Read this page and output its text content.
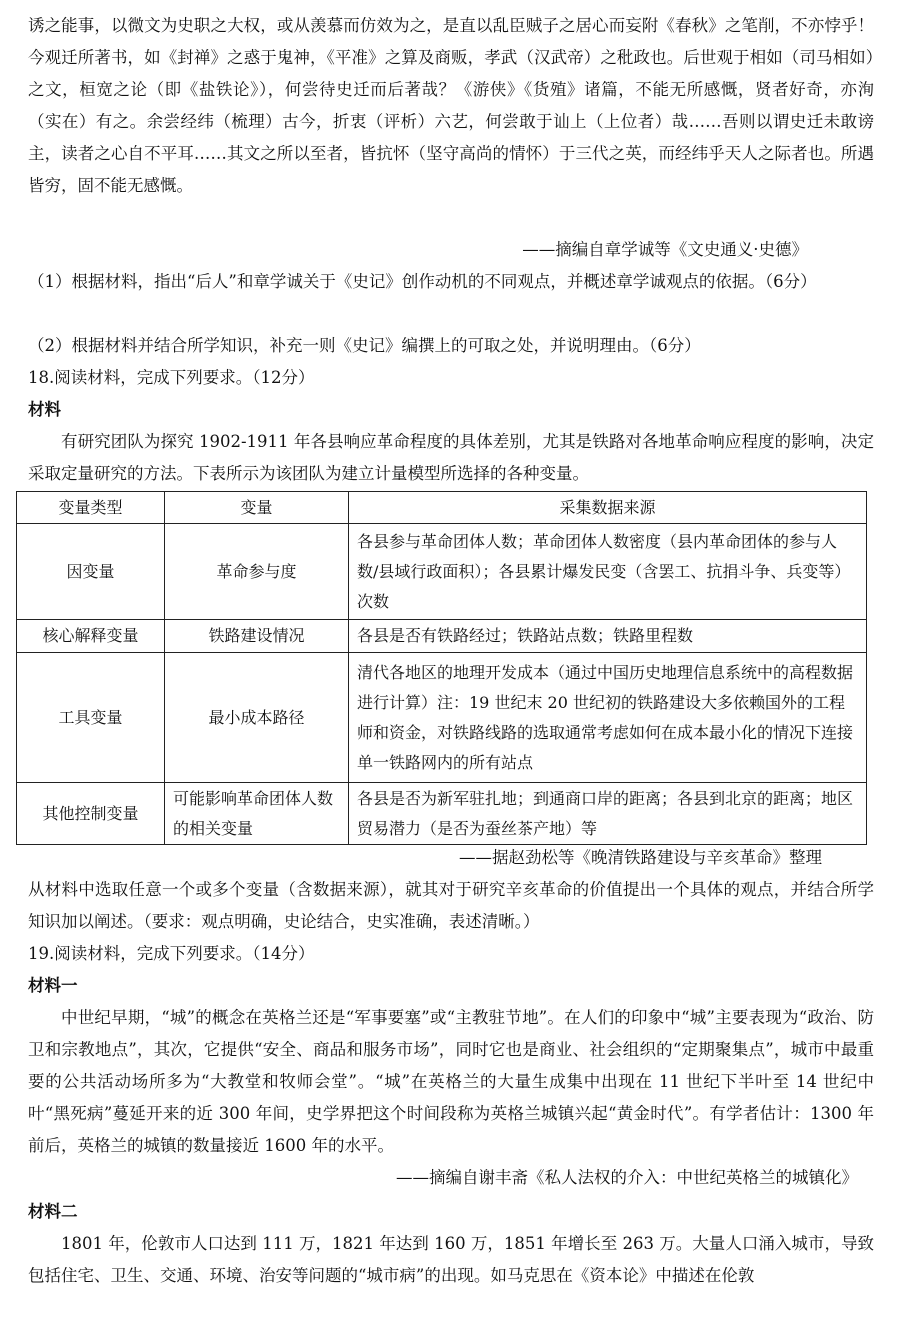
诱之能事，以微文为史职之大权，或从羡慕而仿效为之，是直以乱臣贼子之居心而妄附《春秋》之笔削，不亦悖乎！今观迁所著书，如《封禅》之惑于鬼神，《平准》之算及商贩，孝武（汉武帝）之秕政也。后世观于相如（司马相如）之文，桓宽之论（即《盐铁论》），何尝待史迁而后著哉？《游侠》《货殖》诸篇，不能无所感慨，贤者好奇，亦洵（实在）有之。余尝经纬（梳理）古今，折衷（评析）六艺，何尝敢于讪上（上位者）哉……吾则以谓史迁未敢谤主，读者之心自不平耳……其文之所以至者，皆抗怀（坚守高尚的情怀）于三代之英，而经纬乎天人之际者也。所遇皆穷，固不能无感慨。

——摘编自章学诚等《文史通义·史德》

（1）根据材料，指出“后人”和章学诚关于《史记》创作动机的不同观点，并概述章学诚观点的依据。（6分）

（2）根据材料并结合所学知识，补充一则《史记》编撰上的可取之处，并说明理由。（6分）

18.阅读材料，完成下列要求。（12分）

材料

有研究团队为探究 1902-1911 年各县响应革命程度的具体差别，尤其是铁路对各地革命响应程度的影响，决定采取定量研究的方法。下表所示为该团队为建立计量模型所选择的各种变量。

变量类型	变量	采集数据来源
因变量	革命参与度	各县参与革命团体人数；革命团体人数密度（县内革命团体的参与人数/县域行政面积）；各县累计爆发民变（含罢工、抗捐斗争、兵变等）次数
核心解释变量	铁路建设情况	各县是否有铁路经过；铁路站点数；铁路里程数
工具变量	最小成本路径	清代各地区的地理开发成本（通过中国历史地理信息系统中的高程数据进行计算）注：19 世纪末 20 世纪初的铁路建设大多依赖国外的工程师和资金，对铁路线路的选取通常考虑如何在成本最小化的情况下连接单一铁路网内的所有站点
其他控制变量	可能影响革命团体人数的相关变量	各县是否为新军驻扎地；到通商口岸的距离；各县到北京的距离；地区贸易潜力（是否为蚕丝茶产地）等
——据赵劲松等《晚清铁路建设与辛亥革命》整理

从材料中选取任意一个或多个变量（含数据来源），就其对于研究辛亥革命的价值提出一个具体的观点，并结合所学知识加以阐述。（要求：观点明确，史论结合，史实准确，表述清晰。）

19.阅读材料，完成下列要求。（14分）

材料一

中世纪早期，“城”的概念在英格兰还是“军事要塞”或“主教驻节地”。在人们的印象中“城”主要表现为“政治、防卫和宗教地点”，其次，它提供“安全、商品和服务市场”，同时它也是商业、社会组织的“定期聚集点”，城市中最重要的公共活动场所多为“大教堂和牧师会堂”。“城”在英格兰的大量生成集中出现在 11 世纪下半叶至 14 世纪中叶“黑死病”蔓延开来的近 300 年间，史学界把这个时间段称为英格兰城镇兴起“黄金时代”。有学者估计：1300 年前后，英格兰的城镇的数量接近 1600 年的水平。

——摘编自谢丰斋《私人法权的介入：中世纪英格兰的城镇化》

材料二

1801 年，伦敦市人口达到 111 万，1821 年达到 160 万，1851 年增长至 263 万。大量人口涌入城市，导致包括住宅、卫生、交通、环境、治安等问题的“城市病”的出现。如马克思在《资本论》中描述在伦敦
